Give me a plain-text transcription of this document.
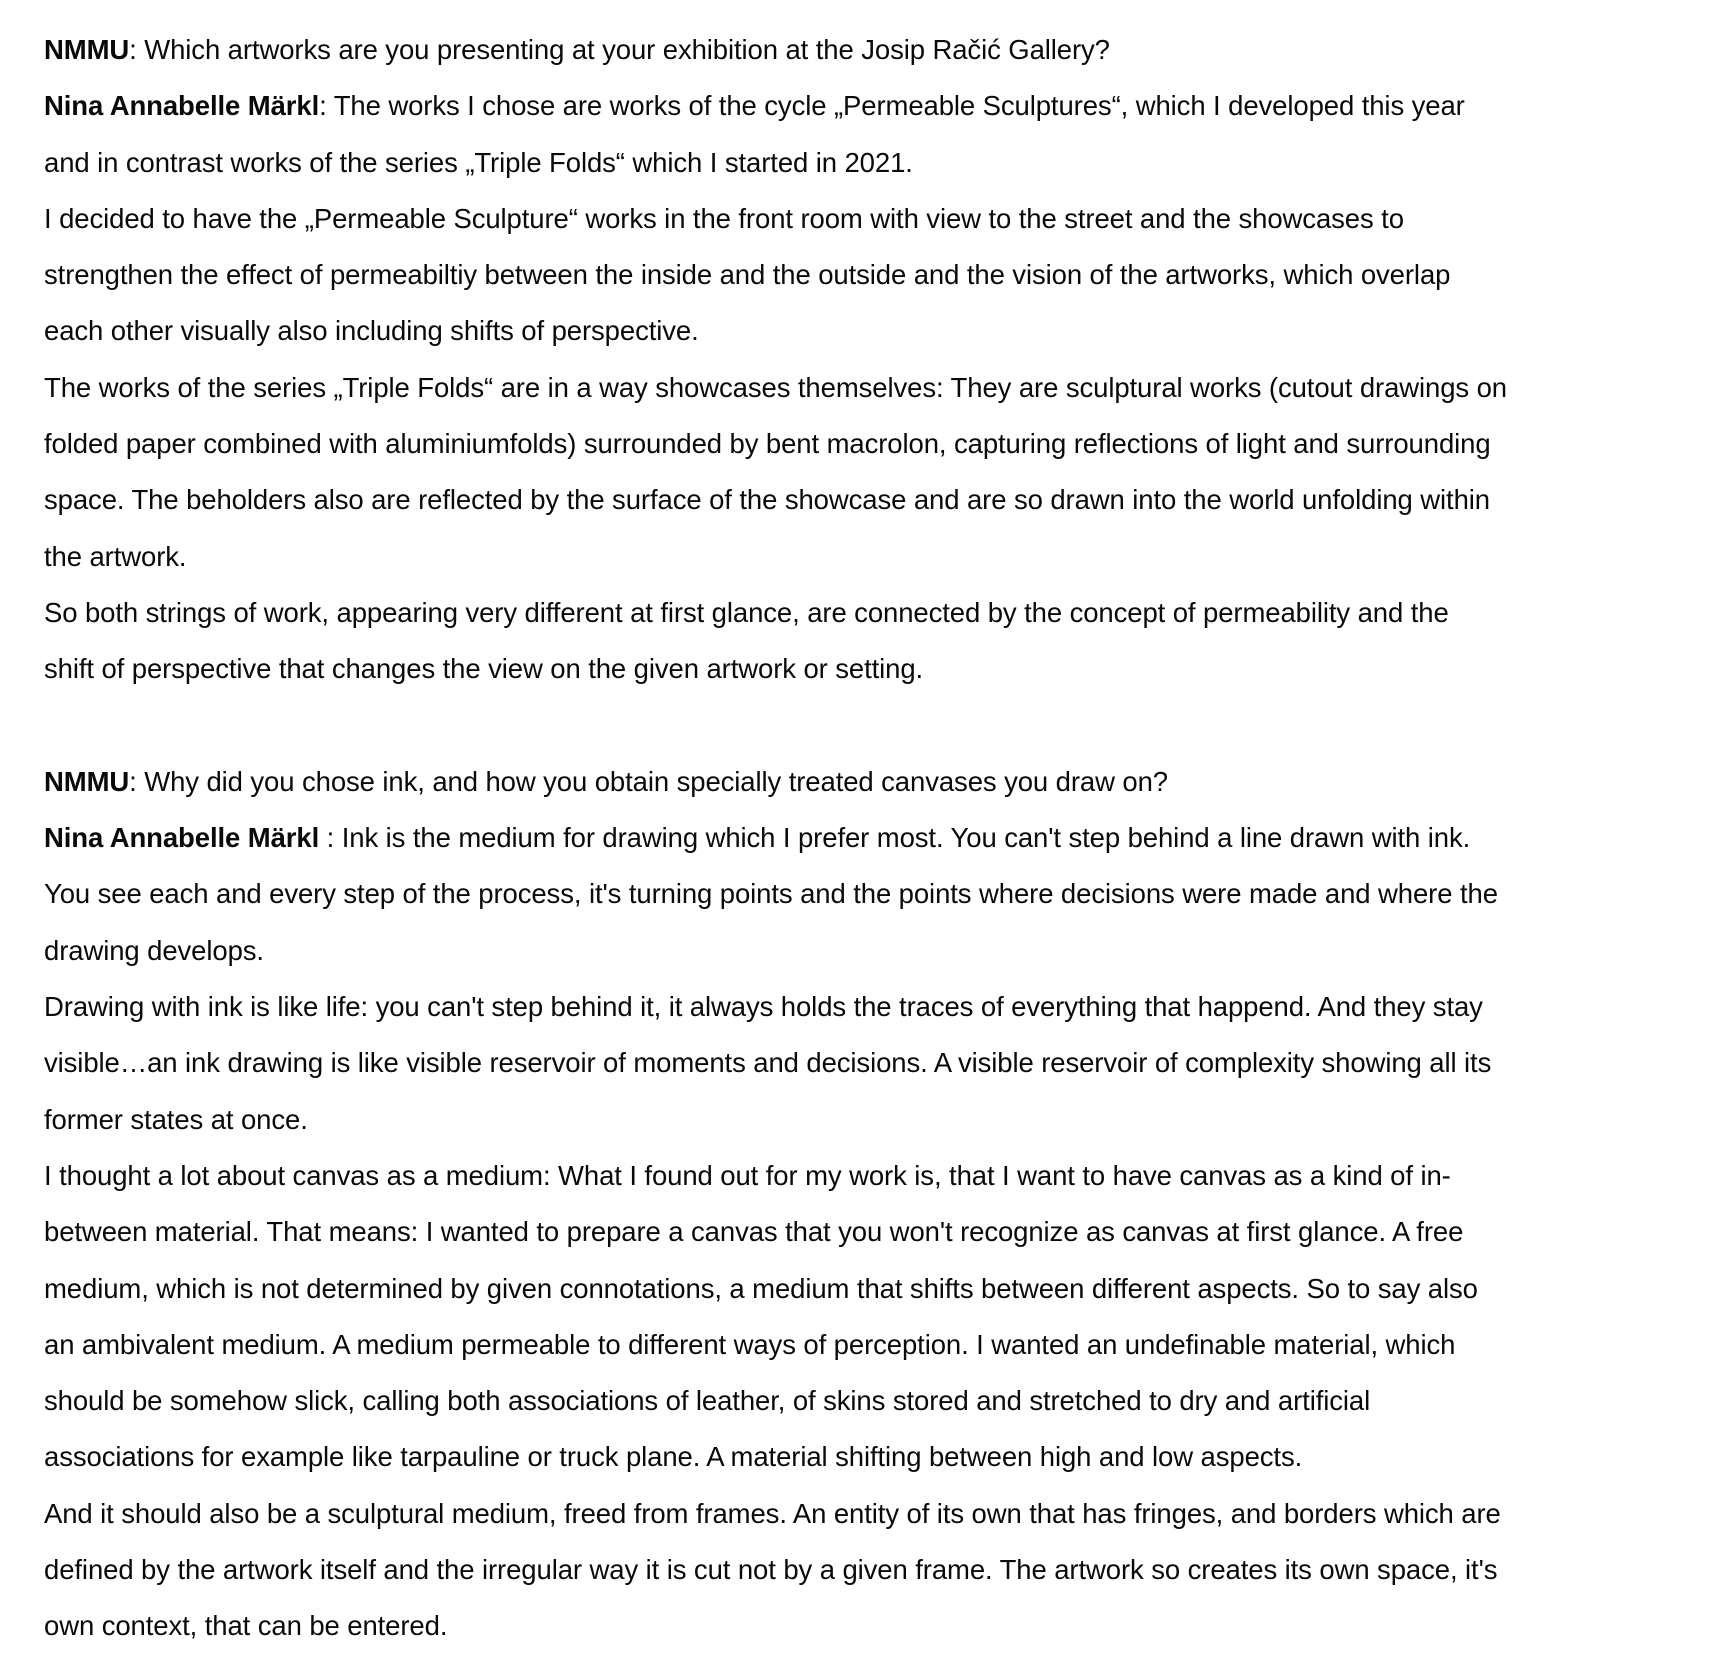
NMMU: Which artworks are you presenting at your exhibition at the Josip Račić Gallery?
Nina Annabelle Märkl: The works I chose are works of the cycle „Permeable Sculptures“, which I developed this year
and in contrast works of the series „Triple Folds“ which I started in 2021.
I decided to have the „Permeable Sculpture“ works in the front room with view to the street and the showcases to
strengthen the effect of permeabiltiy between the inside and the outside and the vision of the artworks, which overlap
each other visually also including shifts of perspective.
The works of the series „Triple Folds“ are in a way showcases themselves: They are sculptural works (cutout drawings on
folded paper combined with aluminiumfolds) surrounded by bent macrolon, capturing reflections of light and surrounding
space. The beholders also are reflected by the surface of the showcase and are so drawn into the world unfolding within
the artwork.
So both strings of work, appearing very different at first glance, are connected by the concept of permeability and the
shift of perspective that changes the view on the given artwork or setting.
NMMU: Why did you chose ink, and how you obtain specially treated canvases you draw on?
Nina Annabelle Märkl : Ink is the medium for drawing which I prefer most. You can't step behind a line drawn with ink.
You see each and every step of the process, it's turning points and the points where decisions were made and where the
drawing develops.
Drawing with ink is like life: you can't step behind it, it always holds the traces of everything that happend. And they stay
visible…an ink drawing is like visible reservoir of moments and decisions. A visible reservoir of complexity showing all its
former states at once.
I thought a lot about canvas as a medium: What I found out for my work is, that I want to have canvas as a kind of in-
between material. That means: I wanted to prepare a canvas that you won't recognize as canvas at first glance. A free
medium, which is not determined by given connotations, a medium that shifts between different aspects. So to say also
an ambivalent medium. A medium permeable to different ways of perception. I wanted an undefinable material, which
should be somehow slick, calling both associations of leather, of skins stored and stretched to dry and artificial
associations for example like tarpauline or truck plane. A material shifting between high and low aspects.
And it should also be a sculptural medium, freed from frames. An entity of its own that has fringes, and borders which are
defined by the artwork itself and the irregular way it is cut not by a given frame. The artwork so creates its own space, it's
own context, that can be entered.
